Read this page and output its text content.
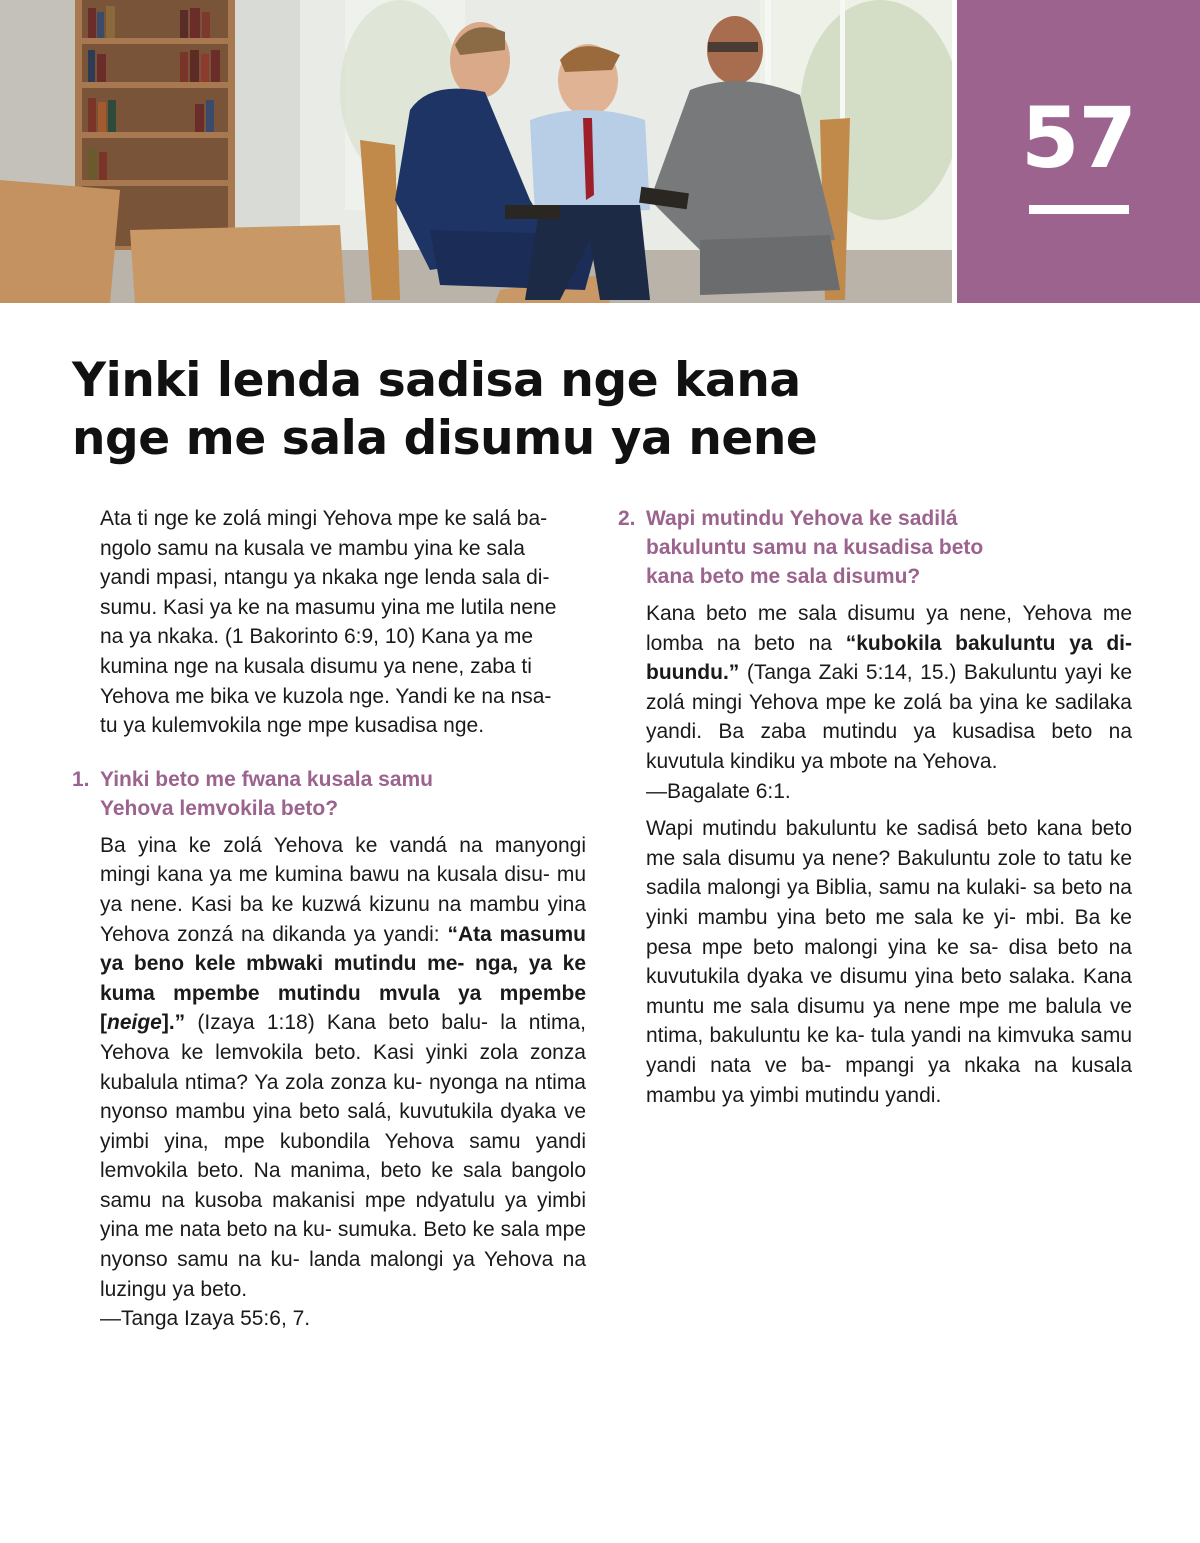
57
Yinki lenda sadisa nge kana
nge me sala disumu ya nene

Ata ti nge ke zolá mingi Yehova mpe ke salá ba-
ngolo samu na kusala ve mambu yina ke sala
yandi mpasi, ntangu ya nkaka nge lenda sala di-
sumu. Kasi ya ke na masumu yina me lutila nene
na ya nkaka. (1 Bakorinto 6:9, 10) Kana ya me
kumina nge na kusala disumu ya nene, zaba ti
Yehova me bika ve kuzola nge. Yandi ke na nsa-
tu ya kulemvokila nge mpe kusadisa nge.

1. Yinki beto me fwana kusala samu
Yehova lemvokila beto?

Ba yina ke zolá Yehova ke vandá na manyongi mingi kana ya me kumina bawu na kusala disu- mu ya nene. Kasi ba ke kuzwá kizunu na mambu yina Yehova zonzá na dikanda ya yandi: “Ata masumu ya beno kele mbwaki mutindu me- nga, ya ke kuma mpembe mutindu mvula ya mpembe [neige].” (Izaya 1:18) Kana beto balu- la ntima, Yehova ke lemvokila beto. Kasi yinki zola zonza kubalula ntima? Ya zola zonza ku- nyonga na ntima nyonso mambu yina beto salá, kuvutukila dyaka ve yimbi yina, mpe kubondila Yehova samu yandi lemvokila beto. Na manima, beto ke sala bangolo samu na kusoba makanisi mpe ndyatulu ya yimbi yina me nata beto na ku- sumuka. Beto ke sala mpe nyonso samu na ku- landa malongi ya Yehova na luzingu ya beto.
—Tanga Izaya 55:6, 7.

2. Wapi mutindu Yehova ke sadilá
bakuluntu samu na kusadisa beto
kana beto me sala disumu?

Kana beto me sala disumu ya nene, Yehova me lomba na beto na “kubokila bakuluntu ya di- buundu.” (Tanga Zaki 5:14, 15.) Bakuluntu yayi ke zolá mingi Yehova mpe ke zolá ba yina ke sadilaka yandi. Ba zaba mutindu ya kusadisa beto na kuvutula kindiku ya mbote na Yehova.
—Bagalate 6:1.

Wapi mutindu bakuluntu ke sadisá beto kana beto me sala disumu ya nene? Bakuluntu zole to tatu ke sadila malongi ya Biblia, samu na kulaki- sa beto na yinki mambu yina beto me sala ke yi- mbi. Ba ke pesa mpe beto malongi yina ke sa- disa beto na kuvutukila dyaka ve disumu yina beto salaka. Kana muntu me sala disumu ya nene mpe me balula ve ntima, bakuluntu ke ka- tula yandi na kimvuka samu yandi nata ve ba- mpangi ya nkaka na kusala mambu ya yimbi mutindu yandi.
